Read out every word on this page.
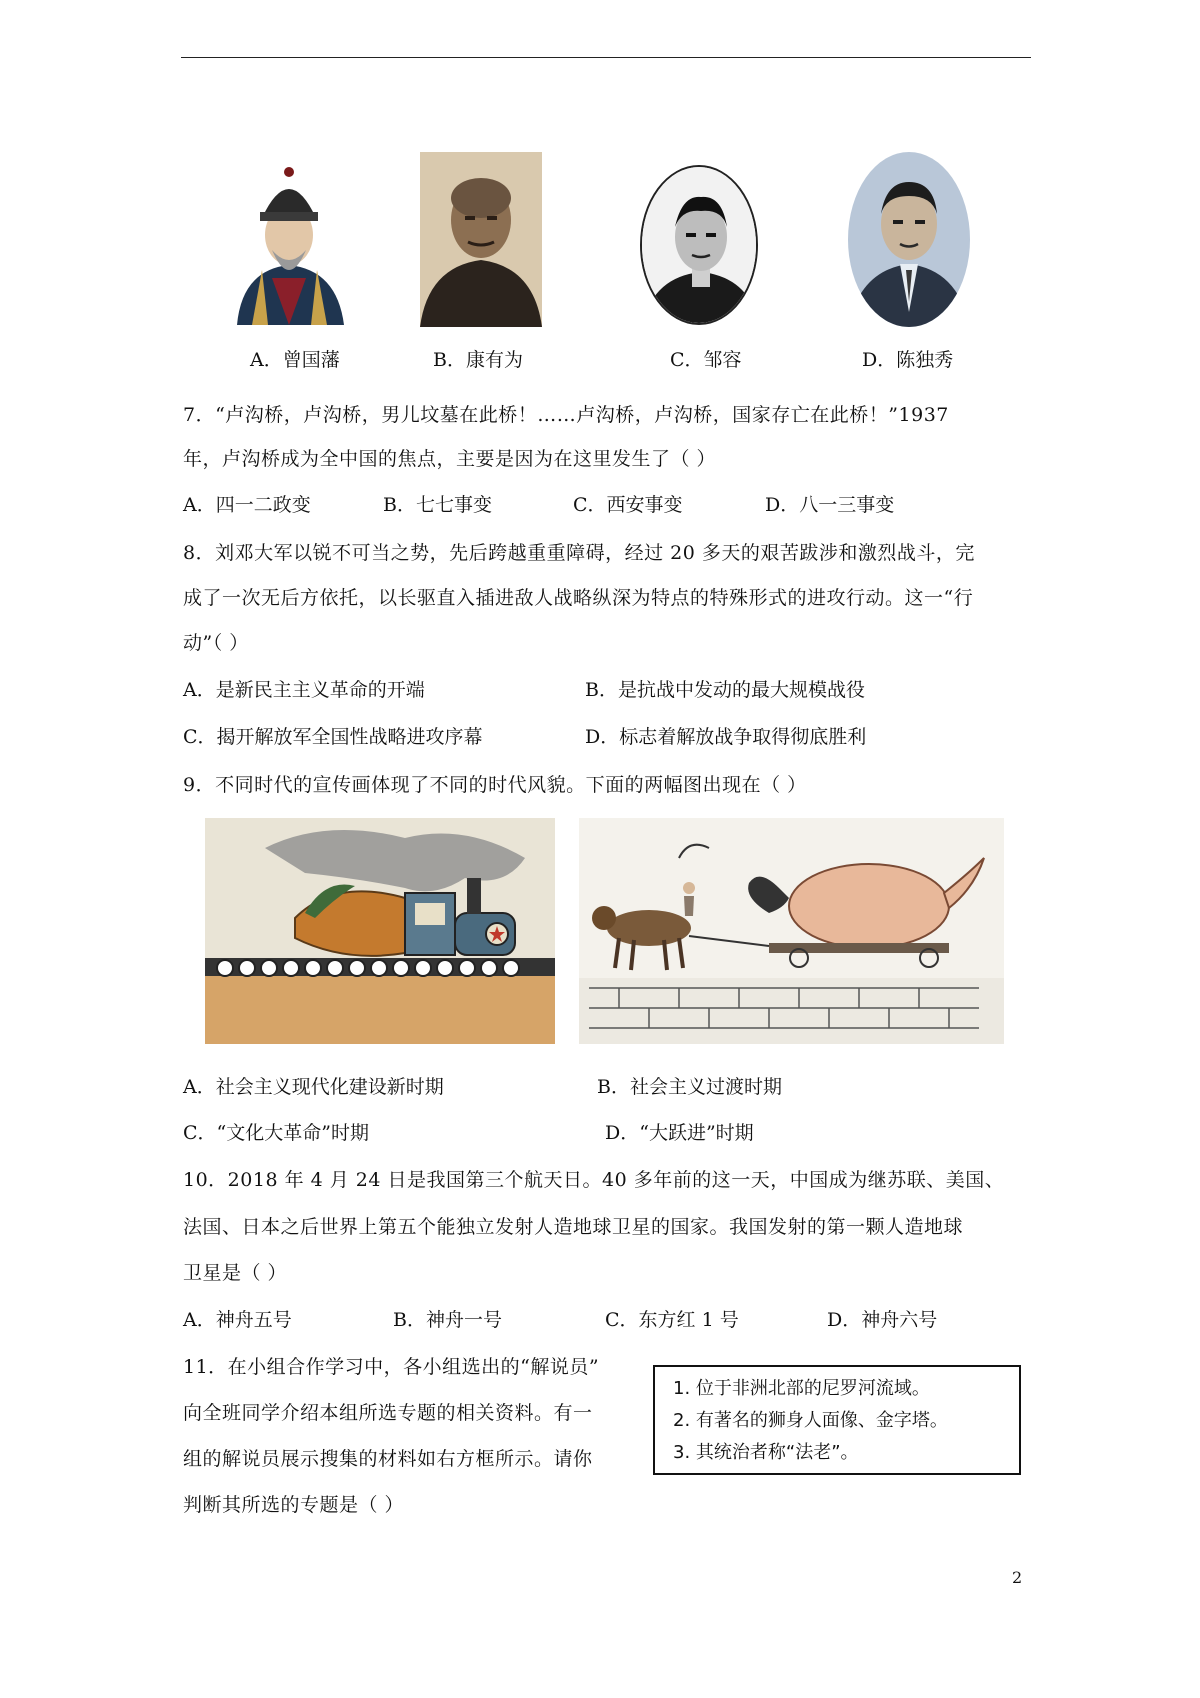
A．曾国藩	B．康有为	C．邹容	D．陈独秀
7．“卢沟桥，卢沟桥，男儿坟墓在此桥！……卢沟桥，卢沟桥，国家存亡在此桥！”1937
年，卢沟桥成为全中国的焦点，主要是因为在这里发生了（ ）
A．四一二政变	B．七七事变	C．西安事变	D．八一三事变
8．刘邓大军以锐不可当之势，先后跨越重重障碍，经过 20 多天的艰苦跋涉和激烈战斗，完
成了一次无后方依托，以长驱直入插进敌人战略纵深为特点的特殊形式的进攻行动。这一“行
动”（ ）
A．是新民主主义革命的开端	B．是抗战中发动的最大规模战役
C．揭开解放军全国性战略进攻序幕	D．标志着解放战争取得彻底胜利
9．不同时代的宣传画体现了不同的时代风貌。下面的两幅图出现在（ ）
A．社会主义现代化建设新时期	B．社会主义过渡时期
C．“文化大革命”时期	D．“大跃进”时期
10．2018 年 4 月 24 日是我国第三个航天日。40 多年前的这一天，中国成为继苏联、美国、
法国、日本之后世界上第五个能独立发射人造地球卫星的国家。我国发射的第一颗人造地球
卫星是（ ）
A．神舟五号	B．神舟一号	C．东方红 1 号	D．神舟六号
11．在小组合作学习中，各小组选出的“解说员”
向全班同学介绍本组所选专题的相关资料。有一
组的解说员展示搜集的材料如右方框所示。请你
判断其所选的专题是（ ）
1. 位于非洲北部的尼罗河流域。
2. 有著名的狮身人面像、金字塔。
3. 其统治者称“法老”。
2
